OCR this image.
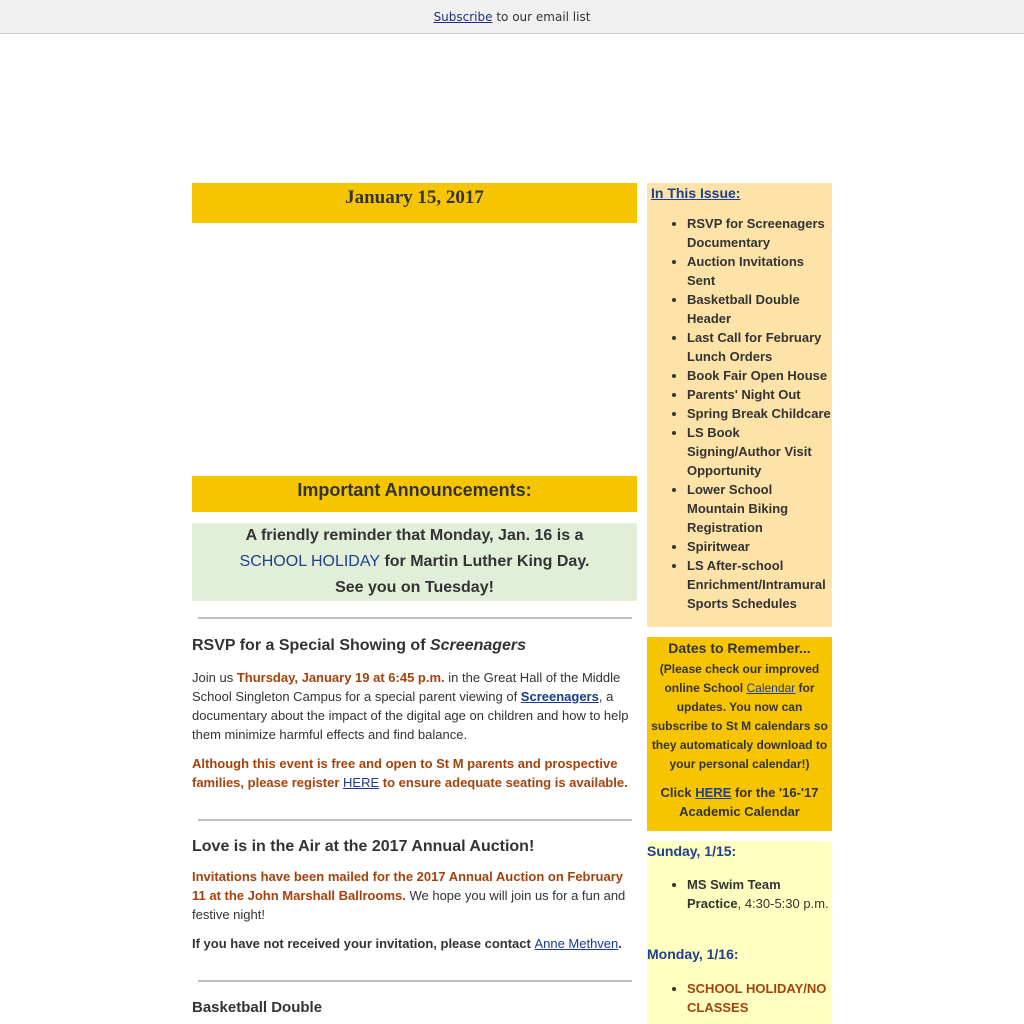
Subscribe to our email list
January 15, 2017
Important Announcements:
A friendly reminder that Monday, Jan. 16 is a
SCHOOL HOLIDAY for Martin Luther King Day.
See you on Tuesday!
RSVP for a Special Showing of Screenagers
Join us Thursday, January 19 at 6:45 p.m. in the Great Hall of the Middle School Singleton Campus for a special parent viewing of Screenagers, a documentary about the impact of the digital age on children and how to help them minimize harmful effects and find balance.
Although this event is free and open to St M parents and prospective families, please register HERE to ensure adequate seating is available.
Love is in the Air at the 2017 Annual Auction!
Invitations have been mailed for the 2017 Annual Auction on February 11 at the John Marshall Ballrooms. We hope you will join us for a fun and festive night!
If you have not received your invitation, please contact Anne Methven.
Basketball Double
In This Issue:
• RSVP for Screenagers Documentary
• Auction Invitations Sent
• Basketball Double Header
• Last Call for February Lunch Orders
• Book Fair Open House
• Parents' Night Out
• Spring Break Childcare
• LS Book Signing/Author Visit Opportunity
• Lower School Mountain Biking Registration
• Spiritwear
• LS After-school Enrichment/Intramural Sports Schedules
Dates to Remember...
(Please check our improved online School Calendar for updates. You now can subscribe to St M calendars so they automaticaly download to your personal calendar!)
Click HERE for the '16-'17 Academic Calendar
Sunday, 1/15:
• MS Swim Team Practice, 4:30-5:30 p.m.
Monday, 1/16:
• SCHOOL HOLIDAY/NO CLASSES
